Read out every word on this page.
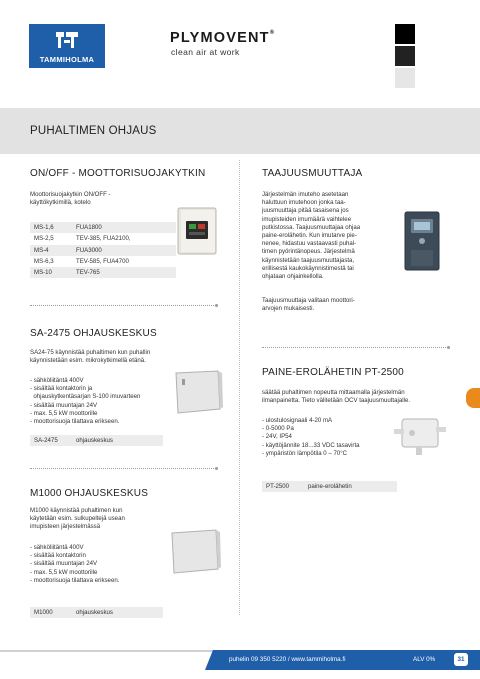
TAMMIHOLMA
PLYMOVENT®
clean air at work
PUHALTIMEN OHJAUS
ON/OFF - MOOTTORISUOJAKYTKIN

Moottorisuojakytkin ON/OFF -
käyttökytkimillä, kotelo

MS-1,6	FUA1800
MS-2,5	TEV-385, FUA2100,
MS-4	FUA3000
MS-6,3	TEV-585, FUA4700
MS-10	TEV-765
SA-2475 OHJAUSKESKUS

SA24-75 käynnistää puhaltimen kun puhallin
käynnistetään esim. mikrokytkimellä etänä.

- sähköliitäntä 400V
- sisältää kontaktorin ja
ohjauskytkentäsarjan S-100 imuvarteen
- sisältää muuntajan 24V
- max. 5,5 kW moottorille
- moottorisuoja tilattava erikseen.

SA-2475	ohjauskeskus
M1000 OHJAUSKESKUS

M1000 käynnistää puhaltimen kun
käytetään esim. sulkupeltejä usean
imupisteen järjestelmässä

- sähköliitäntä 400V
- sisältää kontaktorin
- sisältää muuntajan 24V
- max. 5,5 kW moottorille
- moottorisuoja tilattava erikseen.

M1000	ohjauskeskus
TAAJUUSMUUTTAJA

Järjestelmän imuteho asetetaan
haluttuun imutehoon jonka taa-
juusmuuttaja pitää tasaisena jos
imupisteiden imumäärä vaihtelee
putkistossa. Taajuusmuuttajaa ohjaa
paine-erolähetin. Kun imutarve pie-
nenee, hidastuu vastaavasti puhal-
timen pyörintänopeus. Järjestelmä
käynnistetään taajuusmuuttajasta,
erillisestä kaukokäynnistimestä tai
ohjataan ohjainkellolla.

Taajuusmuuttaja valitaan moottori-
arvojen mukaisesti.

PAINE-EROLÄHETIN PT-2500

säätää puhaltimen nopeutta mittaamalla järjestelmän
ilmanpainetta. Tieto välitetään OCV taajuusmuuttajalle.

- ulostulosignaali 4-20 mA
- 0-5000 Pa
- 24V, IP54
- käyttöjännite 18...33 VDC tasavirta
- ympäristön lämpötila 0 – 70°C

PT-2500	paine-erolähetin
puhelin 09 350 5220 / www.tammiholma.fi	ALV 0%	31
